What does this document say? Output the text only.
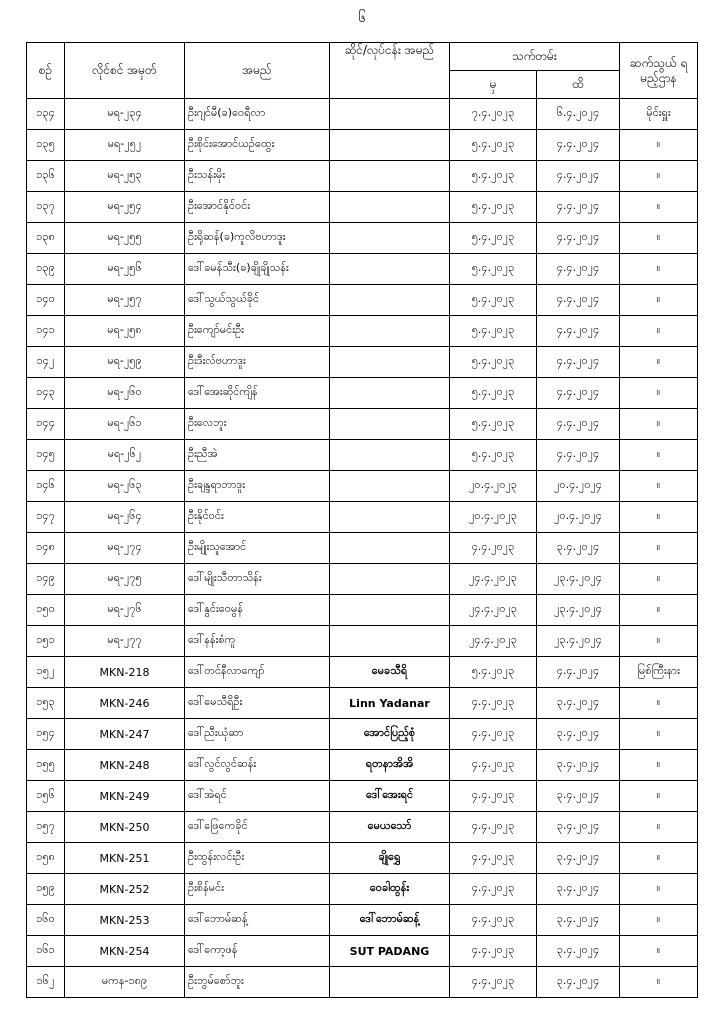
၆
စဉ်	လိုင်စင် အမှတ်	အမည်	ဆိုင်/လုပ်ငန်း အမည်	သက်တမ်း		ဆက်သွယ် ရမည့်ဌာန
				မှ	ထိ	
၁၃၄	မရ-၂၃၄	ဦးဂျင်မီ(ခ)ဝေရီလာ		၇.၄.၂၀၂၃	၆.၄.၂၀၂၄	မိုင်းရှူး
၁၃၅	မရ-၂၅၂	ဦးစိုင်းအောင်ယဉ်ထွေး		၅.၄.၂၀၂၃	၄.၄.၂၀၂၄	။
၁၃၆	မရ-၂၅၃	ဦးသန်းမိုး		၅.၄.၂၀၂၃	၄.၄.၂၀၂၄	။
၁၃၇	မရ-၂၅၄	ဦးအောင်နိုင်ဝင်း		၅.၄.၂၀၂၃	၄.၄.၂၀၂၄	။
၁၃၈	မရ-၂၅၅	ဦးရိုဆန်(ခ)ကူလိဗဟာဒူး		၅.၄.၂၀၂၃	၄.၄.၂၀၂၄	။
၁၃၉	မရ-၂၅၆	ဒေါ်ခမန်သီး(ခ)ချိုချိုသန်း		၅.၄.၂၀၂၃	၄.၄.၂၀၂၄	။
၁၄၀	မရ-၂၅၇	ဒေါ်သွယ်သွယ်ခိုင်		၅.၄.၂၀၂၃	၄.၄.၂၀၂၄	။
၁၄၁	မရ-၂၅၈	ဦးကျော်မင်းဦး		၅.၄.၂၀၂၃	၄.၄.၂၀၂၄	။
၁၄၂	မရ-၂၅၉	ဦးဒီးလ်ဗဟာဒူး		၅.၄.၂၀၂၃	၄.၄.၂၀၂၄	။
၁၄၃	မရ-၂၆၀	ဒေါ်အေးဆိုင်ကျိန်		၅.၄.၂၀၂၃	၄.၄.၂၀၂၄	။
၁၄၄	မရ-၂၆၁	ဦးလေဘူး		၅.၄.၂၀၂၃	၄.၄.၂၀၂၄	။
၁၄၅	မရ-၂၆၂	ဦးညီအဲ		၅.၄.၂၀၂၃	၄.၄.၂၀၂၄	။
၁၄၆	မရ-၂၆၃	ဦးချန္ဒရာဘာဒူး		၂၀.၄.၂၀၂၃	၂၀.၄.၂၀၂၄	။
၁၄၇	မရ-၂၆၄	ဦးနိုင်ဝင်း		၂၀.၄.၂၀၂၃	၂၀.၄.၂၀၂၄	။
၁၄၈	မရ-၂၇၄	ဦးမျိုးသူအောင်		၄.၄.၂၀၂၃	၃.၄.၂၀၂၄	။
၁၄၉	မရ-၂၇၅	ဒေါ်မျိုးသီတာသိန်း		၂၄.၄.၂၀၂၃	၂၃.၄.၂၀၂၄	။
၁၅၀	မရ-၂၇၆	ဒေါ်နွင်းဝေမွန်		၂၄.၄.၂၀၂၃	၂၃.၄.၂၀၂၄	။
၁၅၁	မရ-၂၇၇	ဒေါ်နန်းစံကူ		၂၄.၄.၂၀၂၃	၂၃.၄.၂၀၂၄	။
၁၅၂	MKN-218	ဒေါ်တင်နီလာကျော်	မေခသီရိ	၅.၄.၂၀၂၃	၄.၄.၂၀၂၄	မြစ်ကြီးနား
၁၅၃	MKN-246	ဒေါ်မေသီရိဦး	Linn Yadanar	၄.၄.၂၀၂၃	၃.၄.၂၀၂၄	။
၁၅၄	MKN-247	ဒေါ်ညီးယုံဆာ	အောင်ပြည့်စုံ	၄.၄.၂၀၂၃	၃.၄.၂၀၂၄	။
၁၅၅	MKN-248	ဒေါ်လွင်လွင်ဆန်း	ရတနာအိအိ	၄.၄.၂၀၂၃	၃.၄.၂၀၂၄	။
၁၅၆	MKN-249	ဒေါ်အဲရင်	ဒေါ်အေးရင်	၄.၄.၂၀၂၃	၃.၄.၂၀၂၄	။
၁၅၇	MKN-250	ဒေါ်ဖြေကေခိုင်	မေယသော်	၄.၄.၂၀၂၃	၃.၄.၂၀၂၄	။
၁၅၈	MKN-251	ဦးထွန်းလင်းဦး	ချိုရွှေ	၄.၄.၂၀၂၃	၃.၄.၂၀၂၄	။
၁၅၉	MKN-252	ဦးစိန်မင်း	ဝေခါထွန်း	၄.၄.၂၀၂၃	၃.၄.၂၀၂၄	။
၁၆၀	MKN-253	ဒေါ်ဘောမ်ဆန့်	ဒေါ်ဘောမ်ဆန့်	၄.၄.၂၀၂၃	၃.၄.၂၀၂၄	။
၁၆၁	MKN-254	ဒေါ်ကော့ဖန်	SUT PADANG	၄.၄.၂၀၂၃	၃.၄.၂၀၂၄	။
၁၆၂	မကန-၁၈၉	ဦးဘွမ်စော်ဘူး		၄.၄.၂၀၂၃	၃.၄.၂၀၂၄	။
